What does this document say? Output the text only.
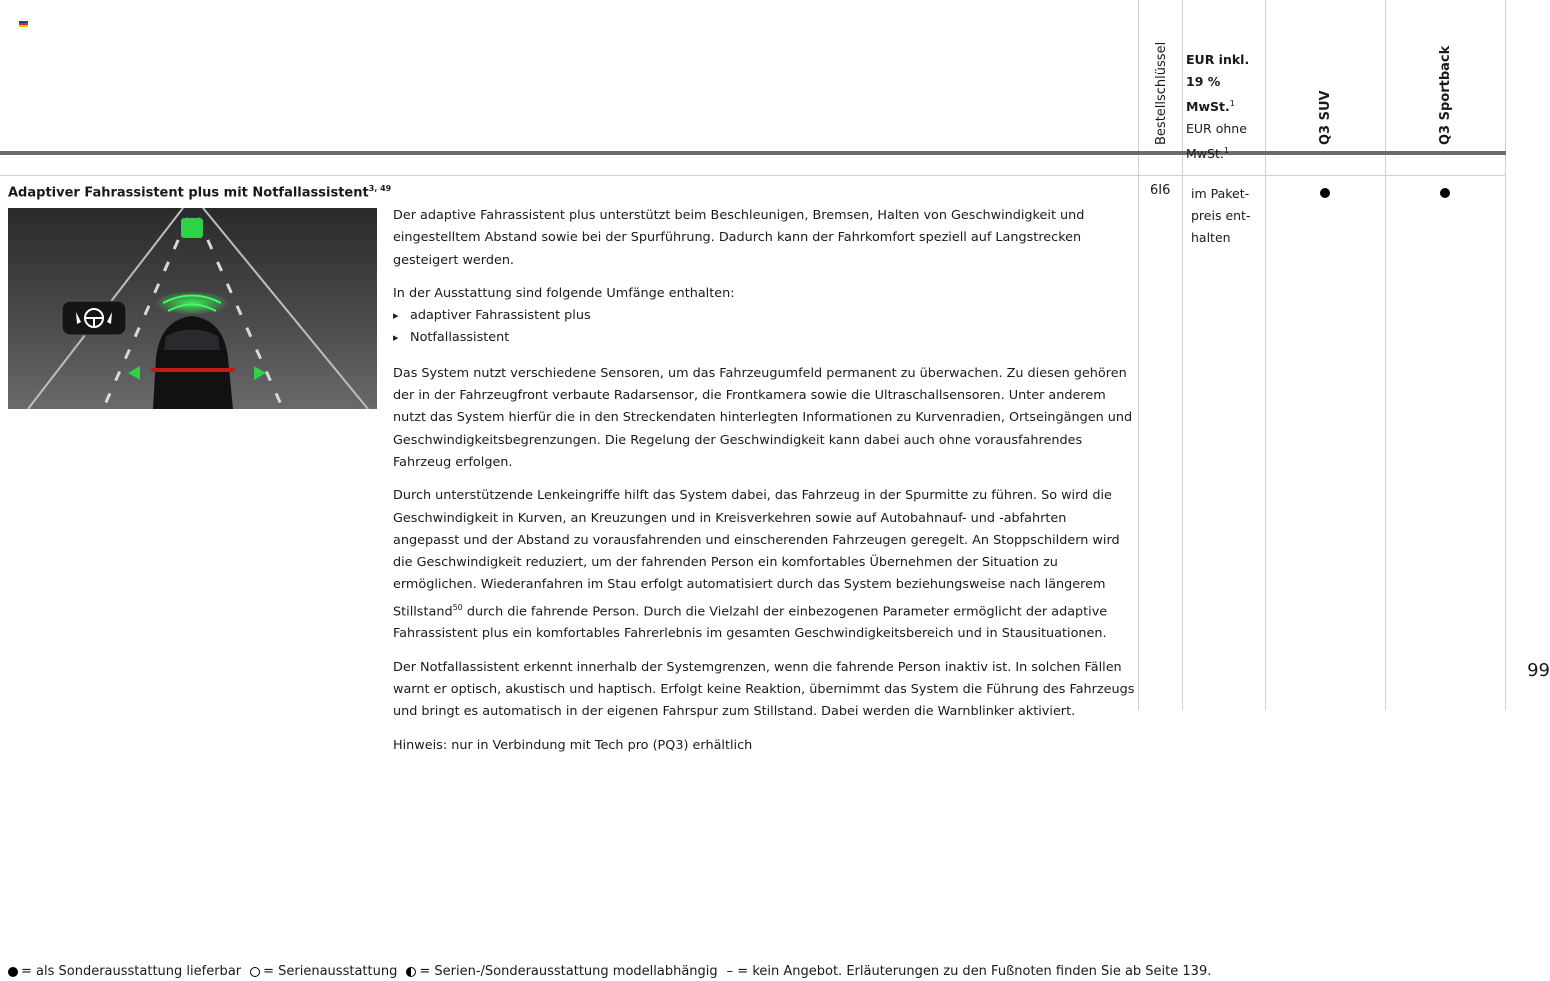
Bestellschlüssel EUR inkl.
19 % MwSt.$^1$
EUR ohne
MwSt.$^1$
Q3 SUV	Q3 Sportback
Adaptiver Fahrassistent plus mit Notfallassistent$^{3, 49}$

Der adaptive Fahrassistent plus unterstützt beim Beschleunigen, Bremsen, Halten von Geschwindigkeit und eingestelltem Abstand sowie bei der Spurführung. Dadurch kann der Fahrkomfort speziell auf Langstrecken gesteigert werden.

In der Ausstattung sind folgende Umfänge enthalten:
▸ adaptiver Fahrassistent plus
▸ Notfallassistent

Das System nutzt verschiedene Sensoren, um das Fahrzeugumfeld permanent zu überwachen. Zu diesen gehören der in der Fahrzeugfront verbaute Radarsensor, die Frontkamera sowie die Ultraschallsensoren. Unter anderem nutzt das System hierfür die in den Streckendaten hinterlegten Informationen zu Kurvenradien, Ortseingängen und Geschwindigkeitsbegrenzungen. Die Regelung der Geschwindigkeit kann dabei auch ohne vorausfahrendes Fahrzeug erfolgen.

Durch unterstützende Lenkeingriffe hilft das System dabei, das Fahrzeug in der Spurmitte zu führen. So wird die Geschwindigkeit in Kurven, an Kreuzungen und in Kreisverkehren sowie auf Autobahnauf- und -abfahrten angepasst und der Abstand zu vorausfahrenden und einscherenden Fahrzeugen geregelt. An Stoppschildern wird die Geschwindigkeit reduziert, um der fahrenden Person ein komfortables Übernehmen der Situation zu ermöglichen. Wiederanfahren im Stau erfolgt automatisiert durch das System beziehungsweise nach längerem Stillstand$^{50}$ durch die fahrende Person. Durch die Vielzahl der einbezogenen Parameter ermöglicht der adaptive Fahrassistent plus ein komfortables Fahrerlebnis im gesamten Geschwindigkeitsbereich und in Stausituationen.

Der Notfallassistent erkennt innerhalb der Systemgrenzen, wenn die fahrende Person inaktiv ist. In solchen Fällen warnt er optisch, akustisch und haptisch. Erfolgt keine Reaktion, übernimmt das System die Führung des Fahrzeugs und bringt es automatisch in der eigenen Fahrspur zum Stillstand. Dabei werden die Warnblinker aktiviert.

Hinweis: nur in Verbindung mit Tech pro (PQ3) erhältlich

6I6 im Paket-
preis ent-
halten
99
= als Sonderausstattung lieferbar = Serienausstattung = Serien-/Sonderausstattung modellabhängig – = kein Angebot. Erläuterungen zu den Fußnoten finden Sie ab Seite 139.
